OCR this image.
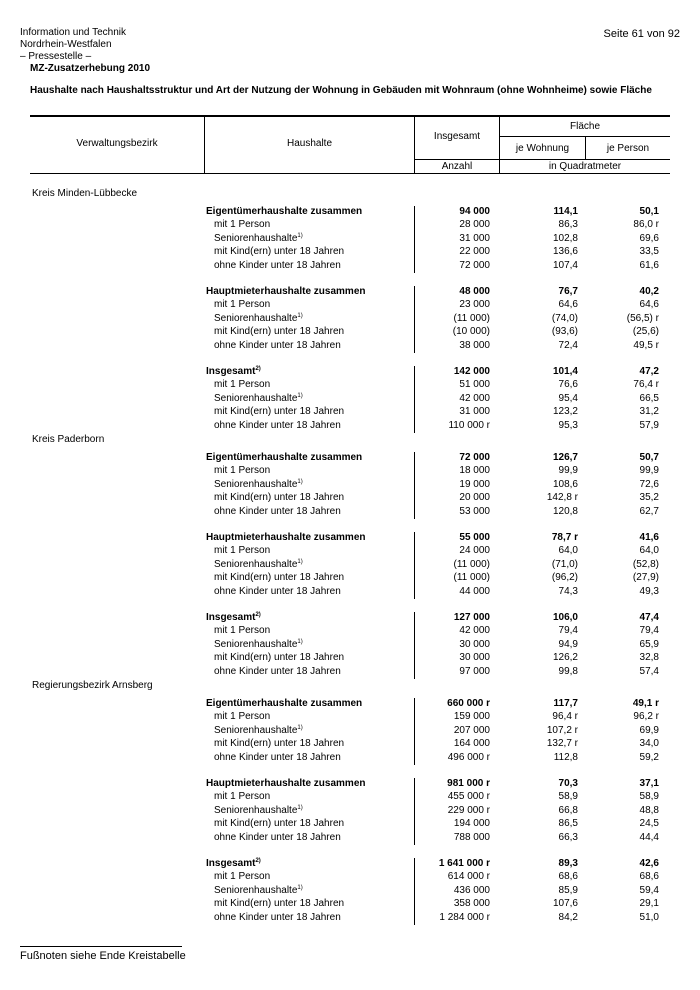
Information und Technik
Nordrhein-Westfalen
– Pressestelle –
MZ-Zusatzerhebung 2010
Seite 61 von 92
Haushalte nach Haushaltsstruktur und Art der Nutzung der Wohnung in Gebäuden mit Wohnraum (ohne Wohnheime) sowie Fläche
Verwaltungsbezirk	Haushalte
Insgesamt
Fläche
je Wohnung	je Person
Anzahl	in Quadratmeter
Kreis Minden-Lübbecke
Eigentümerhaushalte zusammen	94 000	114,1	50,1
mit 1 Person	28 000	86,3	86,0 r
Seniorenhaushalte$^{1)}$	31 000	102,8	69,6
mit Kind(ern) unter 18 Jahren	22 000	136,6	33,5
ohne Kinder unter 18 Jahren	72 000	107,4	61,6
Hauptmieterhaushalte zusammen	48 000	76,7	40,2
mit 1 Person	23 000	64,6	64,6
Seniorenhaushalte$^{1)}$	(11 000)	(74,0)	(56,5) r
mit Kind(ern) unter 18 Jahren	(10 000)	(93,6)	(25,6)
ohne Kinder unter 18 Jahren	38 000	72,4	49,5 r
Insgesamt$^{2)}$	142 000	101,4	47,2
mit 1 Person	51 000	76,6	76,4 r
Seniorenhaushalte$^{1)}$	42 000	95,4	66,5
mit Kind(ern) unter 18 Jahren	31 000	123,2	31,2
ohne Kinder unter 18 Jahren	110 000 r	95,3	57,9
Kreis Paderborn
Eigentümerhaushalte zusammen	72 000	126,7	50,7
mit 1 Person	18 000	99,9	99,9
Seniorenhaushalte$^{1)}$	19 000	108,6	72,6
mit Kind(ern) unter 18 Jahren	20 000	142,8 r	35,2
ohne Kinder unter 18 Jahren	53 000	120,8	62,7
Hauptmieterhaushalte zusammen	55 000	78,7 r	41,6
mit 1 Person	24 000	64,0	64,0
Seniorenhaushalte$^{1)}$	(11 000)	(71,0)	(52,8)
mit Kind(ern) unter 18 Jahren	(11 000)	(96,2)	(27,9)
ohne Kinder unter 18 Jahren	44 000	74,3	49,3
Insgesamt$^{2)}$	127 000	106,0	47,4
mit 1 Person	42 000	79,4	79,4
Seniorenhaushalte$^{1)}$	30 000	94,9	65,9
mit Kind(ern) unter 18 Jahren	30 000	126,2	32,8
ohne Kinder unter 18 Jahren	97 000	99,8	57,4
Regierungsbezirk Arnsberg
Eigentümerhaushalte zusammen	660 000 r	117,7	49,1 r
mit 1 Person	159 000	96,4 r	96,2 r
Seniorenhaushalte$^{1)}$	207 000	107,2 r	69,9
mit Kind(ern) unter 18 Jahren	164 000	132,7 r	34,0
ohne Kinder unter 18 Jahren	496 000 r	112,8	59,2
Hauptmieterhaushalte zusammen	981 000 r	70,3	37,1
mit 1 Person	455 000 r	58,9	58,9
Seniorenhaushalte$^{1)}$	229 000 r	66,8	48,8
mit Kind(ern) unter 18 Jahren	194 000	86,5	24,5
ohne Kinder unter 18 Jahren	788 000	66,3	44,4
Insgesamt$^{2)}$	1 641 000 r	89,3	42,6
mit 1 Person	614 000 r	68,6	68,6
Seniorenhaushalte$^{1)}$	436 000	85,9	59,4
mit Kind(ern) unter 18 Jahren	358 000	107,6	29,1
ohne Kinder unter 18 Jahren	1 284 000 r	84,2	51,0
Fußnoten siehe Ende Kreistabelle
